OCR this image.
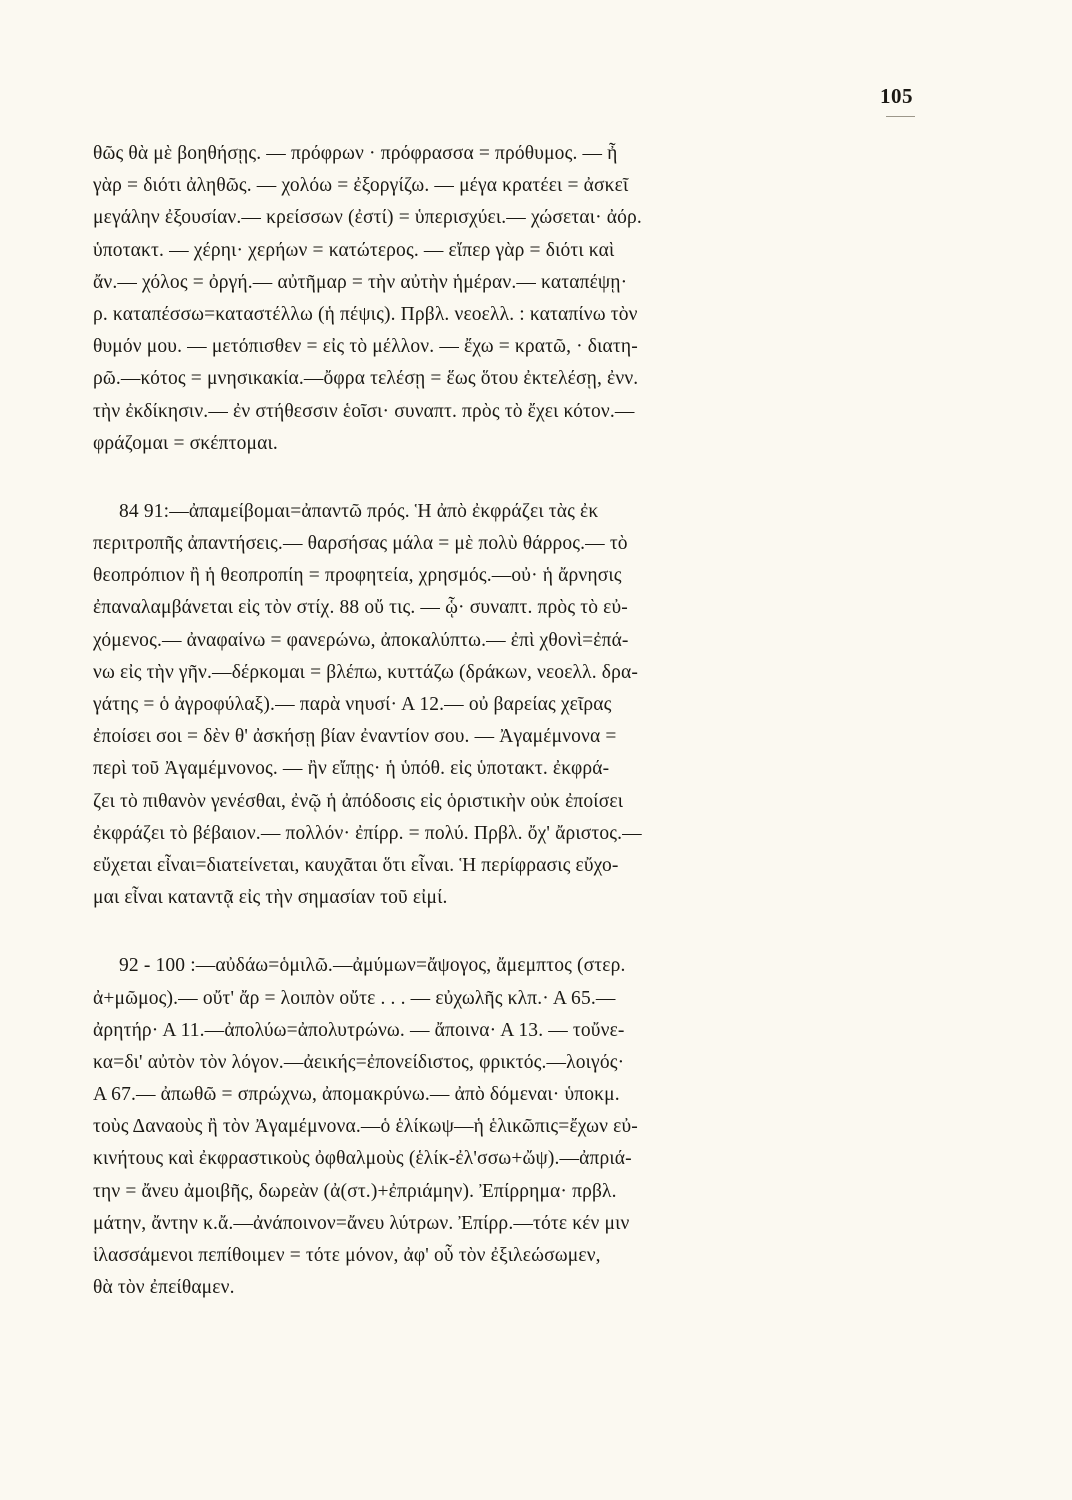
105
θῶς θὰ μὲ βοηθήσῃς. — πρόφρων · πρόφρασσα = πρόθυμος. — ἦ
γὰρ = διότι ἀληθῶς. — χολόω = ἐξοργίζω. — μέγα κρατέει = ἀσκεῖ
μεγάλην ἐξουσίαν.— κρείσσων (ἐστί) = ὑπερισχύει.— χώσεται· ἀόρ.
ὑποτακτ. — χέρηι· χερήων = κατώτερος. — εἴπερ γὰρ = διότι καὶ
ἄν.— χόλος = ὀργή.— αὐτῆμαρ = τὴν αὐτὴν ἡμέραν.— καταπέψῃ·
ρ. καταπέσσω=καταστέλλω (ἡ πέψις). Πρβλ. νεοελλ. : καταπίνω τὸν
θυμόν μου. — μετόπισθεν = εἰς τὸ μέλλον. — ἔχω = κρατῶ, · διατη-
ρῶ.—κότος = μνησικακία.—ὄφρα τελέσῃ = ἕως ὅτου ἐκτελέσῃ, ἐνν.
τὴν ἐκδίκησιν.— ἐν στήθεσσιν ἑοῖσι· συναπτ. πρὸς τὸ ἔχει κότον.—
φράζομαι = σκέπτομαι.
84 91:—ἀπαμείβομαι=ἀπαντῶ πρός. Ἡ ἀπὸ ἐκφράζει τὰς ἐκ
περιτροπῆς ἀπαντήσεις.— θαρσήσας μάλα = μὲ πολὺ θάρρος.— τὸ
θεοπρόπιον ἢ ἡ θεοπροπίη = προφητεία, χρησμός.—οὐ· ἡ ἄρνησις
ἐπαναλαμβάνεται εἰς τὸν στίχ. 88 οὔ τις. — ᾧ· συναπτ. πρὸς τὸ εὐ-
χόμενος.— ἀναφαίνω = φανερώνω, ἀποκαλύπτω.— ἐπὶ χθονὶ=ἐπά-
νω εἰς τὴν γῆν.—δέρκομαι = βλέπω, κυττάζω (δράκων, νεοελλ. δρα-
γάτης = ὁ ἀγροφύλαξ).— παρὰ νηυσί· Α 12.— οὐ βαρείας χεῖρας
ἐποίσει σοι = δὲν θ' ἀσκήσῃ βίαν ἐναντίον σου. — Ἀγαμέμνονα =
περὶ τοῦ Ἀγαμέμνονος. — ἢν εἴπῃς· ἡ ὑπόθ. εἰς ὑποτακτ. ἐκφρά-
ζει τὸ πιθανὸν γενέσθαι, ἐνῷ ἡ ἀπόδοσις εἰς ὁριστικὴν οὐκ ἐποίσει
ἐκφράζει τὸ βέβαιον.— πολλόν· ἐπίρρ. = πολύ. Πρβλ. ὄχ' ἄριστος.—
εὔχεται εἶναι=διατείνεται, καυχᾶται ὅτι εἶναι. Ἡ περίφρασις εὔχο-
μαι εἶναι καταντᾷ εἰς τὴν σημασίαν τοῦ εἰμί.
92 - 100 :—αὐδάω=ὁμιλῶ.—ἀμύμων=ἄψογος, ἄμεμπτος (στερ.
ἀ+μῶμος).— οὔτ' ἄρ = λοιπὸν οὔτε . . . — εὐχωλῆς κλπ.· Α 65.—
ἀρητήρ· Α 11.—ἀπολύω=ἀπολυτρώνω. — ἄποινα· Α 13. — τοὔνε-
κα=δι' αὐτὸν τὸν λόγον.—ἀεικής=ἐπονείδιστος, φρικτός.—λοιγός·
Α 67.— ἀπωθῶ = σπρώχνω, ἀπομακρύνω.— ἀπὸ δόμεναι· ὑποκμ.
τοὺς Δαναοὺς ἢ τὸν Ἀγαμέμνονα.—ὁ ἑλίκωψ—ἡ ἑλικῶπις=ἔχων εὐ-
κινήτους καὶ ἐκφραστικοὺς ὀφθαλμοὺς (ἑλίκ-ἐλ'σσω+ὤψ).—ἀπριά-
την = ἄνευ ἀμοιβῆς, δωρεὰν (ἀ(στ.)+ἐπριάμην). Ἐπίρρημα· πρβλ.
μάτην, ἄντην κ.ἄ.—ἀνάποινον=ἄνευ λύτρων. Ἐπίρρ.—τότε κέν μιν
ἱλασσάμενοι πεπίθοιμεν = τότε μόνον, ἀφ' οὗ τὸν ἐξιλεώσωμεν,
θὰ τὸν ἐπείθαμεν.
